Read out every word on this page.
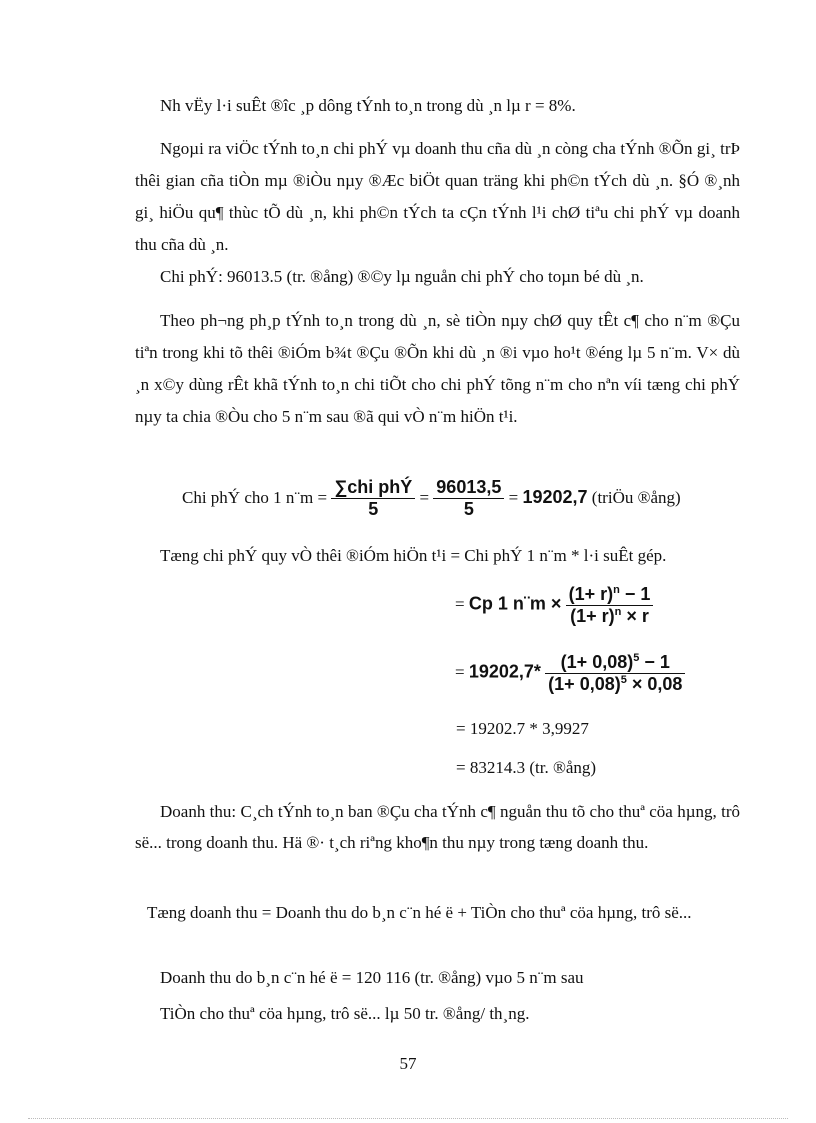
Nh vËy l·i suÊt ®îc ¸p dông tÝnh to¸n trong dù ¸n lµ r = 8%.
Ngoµi ra viÖc tÝnh to¸n chi phÝ vµ doanh thu cña dù ¸n còng cha tÝnh ®Õn gi¸ trÞ thêi gian cña tiÒn mµ ®iÒu nµy ®Æc biÖt quan träng khi ph©n tÝch dù ¸n. §Ó ®¸nh gi¸ hiÖu qu¶ thùc tÕ dù ¸n, khi ph©n tÝch ta cÇn tÝnh l¹i chØ tiªu chi phÝ vµ doanh thu cña dù ¸n.
Chi phÝ: 96013.5 (tr. ®ång) ®©y lµ nguån chi phÝ cho toµn bé dù ¸n.
Theo ph¬ng ph¸p tÝnh to¸n trong dù ¸n, sè tiÒn nµy chØ quy tÊt c¶ cho n¨m ®Çu tiªn trong khi tõ thêi ®iÓm b¾t ®Çu ®Õn khi dù ¸n ®i vµo ho¹t ®éng lµ 5 n¨m. V× dù ¸n x©y dùng rÊt khã tÝnh to¸n chi tiÕt cho chi phÝ tõng n¨m cho nªn víi tæng chi phÝ nµy ta chia ®Òu cho 5 n¨m sau ®ã qui vÒ n¨m hiÖn t¹i.
Chi phÝ cho 1 n¨m = $\frac{\text{∑chi phÝ}}{5} = \frac{96013,5}{5} = 19202,7$ (triÖu ®ång)
Tæng chi phÝ quy vÒ thêi ®iÓm hiÖn t¹i = Chi phÝ 1 n¨m * l·i suÊt gép.
= Cp 1 n¨m × $\frac{(1+ r)^n - 1}{(1+ r)^n \times r}$
= $19202,7* \frac{(1+ 0,08)^5 - 1}{(1+ 0,08)^5 \times 0,08}$
= 19202.7 * 3,9927
= 83214.3 (tr. ®ång)
Doanh thu: C¸ch tÝnh to¸n ban ®Çu cha tÝnh c¶ nguån thu tõ cho thuª cöa hµng, trô së... trong doanh thu. Hä ®· t¸ch riªng kho¶n thu nµy trong tæng doanh thu.
Tæng doanh thu = Doanh thu do b¸n c¨n hé ë + TiÒn cho thuª cöa hµng, trô së...
Doanh thu do b¸n c¨n hé ë = 120 116 (tr. ®ång) vµo 5 n¨m sau
TiÒn cho thuª cöa hµng, trô së... lµ 50 tr. ®ång/ th¸ng.
57
